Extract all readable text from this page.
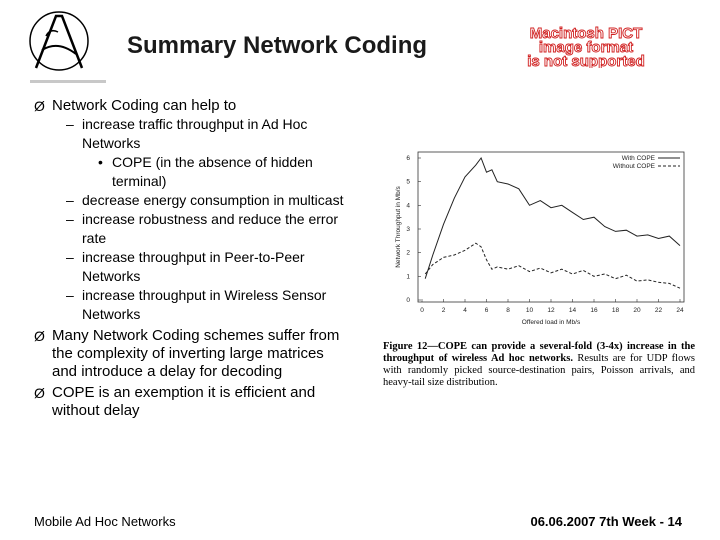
Summary Network Coding	Macintosh PICT
image format
is not supported
Ø Network Coding can help to
– increase traffic throughput in Ad Hoc Networks
• COPE (in the absence of hidden terminal)
– decrease energy consumption in multicast
– increase robustness and reduce the error rate
– increase throughput in Peer-to-Peer Networks
– increase throughput in Wireless Sensor Networks
Ø Many Network Coding schemes suffer from the complexity of inverting large matrices and introduce a delay for decoding
Ø COPE is an exemption it is efficient and without delay
0	2	4	6	8 10 12 14 16 18 20 22 24
0
1
2
3
4
5
6	With COPE
Without COPE
Offered load in Mb/s
Network Throughput in Mb/s
Figure 12—COPE can provide a several-fold (3-4x) increase in the throughput of wireless Ad hoc networks. Results are for UDP flows with randomly picked source-destination pairs, Poisson arrivals, and heavy-tail size distribution.
Mobile Ad Hoc Networks	06.06.2007 7th Week - 14
